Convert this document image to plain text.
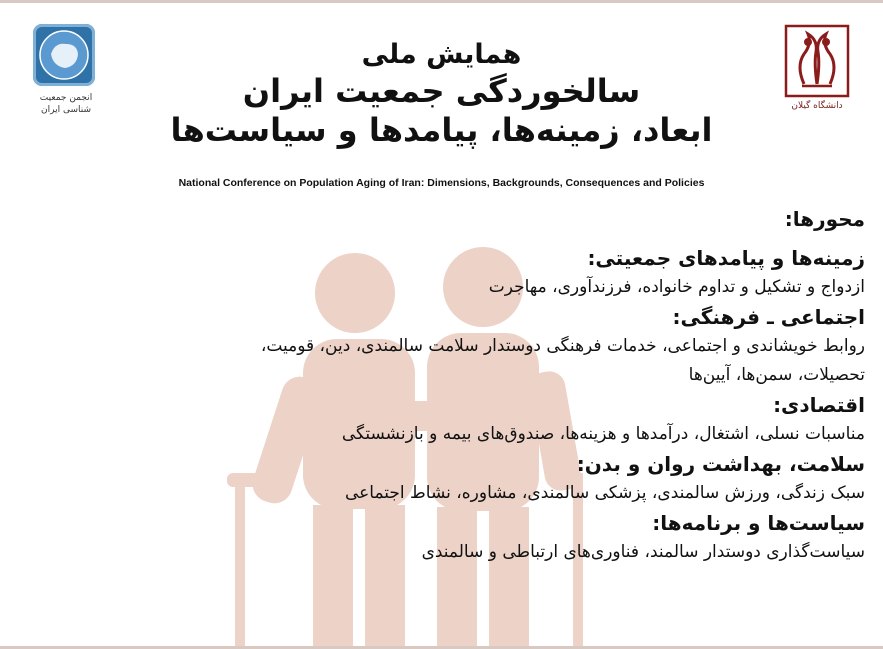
انجمن جمعیت شناسی ایران	دانشگاه گیلان
همایش ملی
سالخوردگی جمعیت ایران
ابعاد، زمینه‌ها، پیامدها و سیاست‌ها
National Conference on Population Aging of Iran: Dimensions, Backgrounds, Consequences and Policies
محورها:
زمینه‌ها و پیامدهای جمعیتی:
ازدواج و تشکیل و تداوم خانواده، فرزندآوری، مهاجرت
اجتماعی ـ فرهنگی:
روابط خویشاندی و اجتماعی، خدمات فرهنگی دوستدار سلامت سالمندی، دین، قومیت،
تحصیلات، سمن‌ها، آیین‌ها
اقتصادی:
مناسبات نسلی، اشتغال، درآمدها و هزینه‌ها، صندوق‌های بیمه و بازنشستگی
سلامت، بهداشت روان و بدن:
سبک زندگی، ورزش سالمندی، پزشکی سالمندی، مشاوره، نشاط اجتماعی
سیاست‌ها و برنامه‌ها:
سیاست‌گذاری دوستدار سالمند، فناوری‌های ارتباطی و سالمندی
